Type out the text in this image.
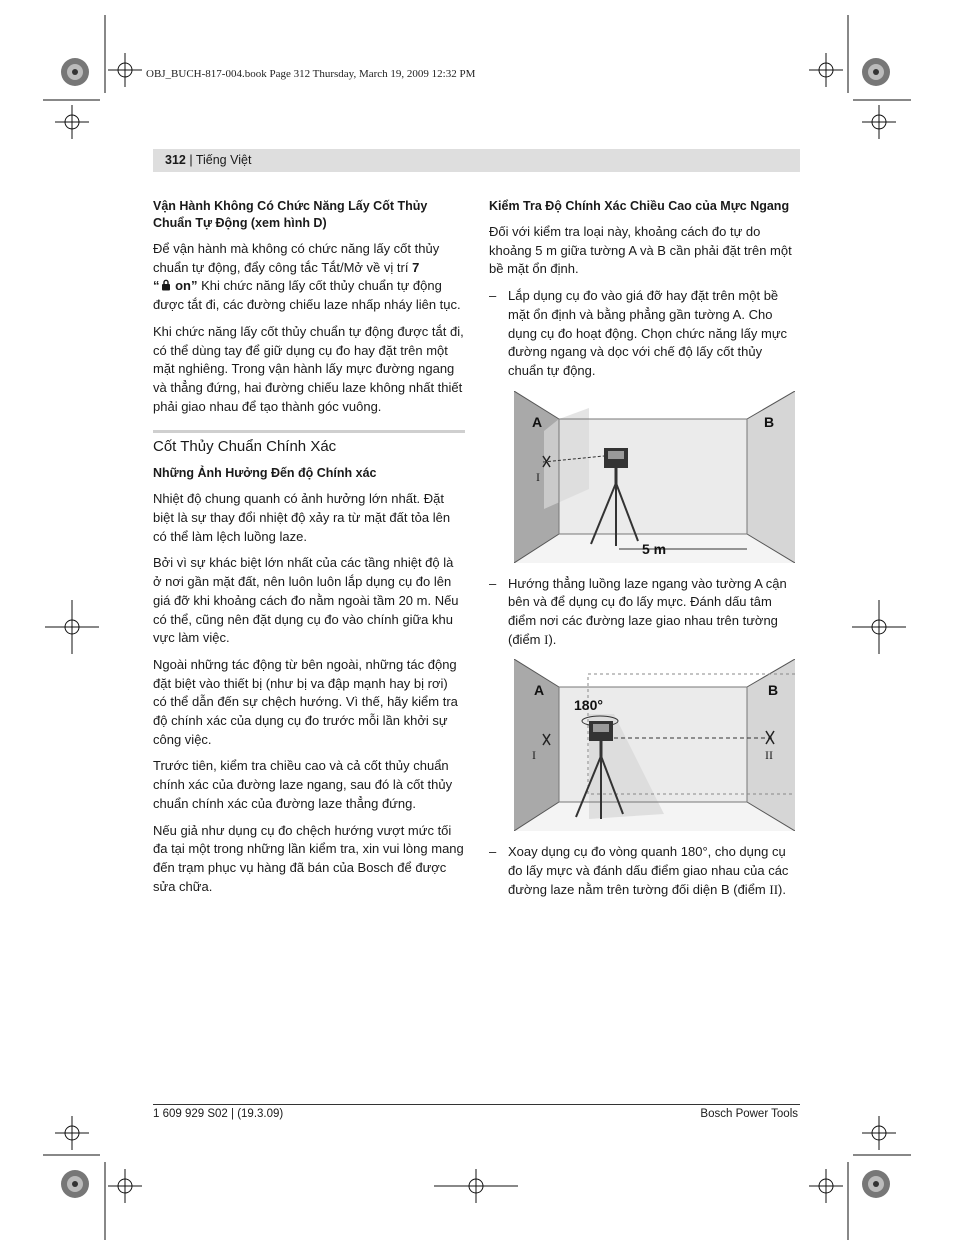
OBJ_BUCH-817-004.book Page 312 Thursday, March 19, 2009 12:32 PM
312 | Tiếng Việt
Vận Hành Không Có Chức Năng Lấy Cốt Thủy Chuẩn Tự Động (xem hình D)
Để vận hành mà không có chức năng lấy cốt thủy chuẩn tự động, đẩy công tắc Tắt/Mở về vị trí 7
“ on” Khi chức năng lấy cốt thủy chuẩn tự động được tắt đi, các đường chiếu laze nhấp nháy liên tục.
Khi chức năng lấy cốt thủy chuẩn tự động được tắt đi, có thể dùng tay để giữ dụng cụ đo hay đặt trên một mặt nghiêng. Trong vận hành lấy mực đường ngang và thẳng đứng, hai đường chiếu laze không nhất thiết phải giao nhau để tạo thành góc vuông.
Cốt Thủy Chuẩn Chính Xác
Những Ảnh Hưởng Đến độ Chính xác
Nhiệt độ chung quanh có ảnh hưởng lớn nhất. Đặt biệt là sự thay đổi nhiệt độ xảy ra từ mặt đất tỏa lên có thể làm lệch luồng laze.
Bởi vì sự khác biệt lớn nhất của các tầng nhiệt độ là ở nơi gần mặt đất, nên luôn luôn lắp dụng cụ đo lên giá đỡ khi khoảng cách đo nằm ngoài tầm 20 m. Nếu có thể, cũng nên đặt dụng cụ đo vào chính giữa khu vực làm việc.
Ngoài những tác động từ bên ngoài, những tác động đặt biệt vào thiết bị (như bị va đập mạnh hay bị rơi) có thể dẫn đến sự chệch hướng. Vì thế, hãy kiểm tra độ chính xác của dụng cụ đo trước mỗi lần khởi sự công việc.
Trước tiên, kiểm tra chiều cao và cả cốt thủy chuẩn chính xác của đường laze ngang, sau đó là cốt thủy chuẩn chính xác của đường laze thẳng đứng.
Nếu giả như dụng cụ đo chệch hướng vượt mức tối đa tại một trong những lần kiểm tra, xin vui lòng mang đến trạm phục vụ hàng đã bán của Bosch để được sửa chữa.
Kiểm Tra Độ Chính Xác Chiều Cao của Mực Ngang
Đối với kiểm tra loại này, khoảng cách đo tự do khoảng 5 m giữa tường A và B cần phải đặt trên một bề mặt ổn định.
– Lắp dụng cụ đo vào giá đỡ hay đặt trên một bề mặt ổn định và bằng phẳng gần tường A. Cho dụng cụ đo hoạt động. Chọn chức năng lấy mực đường ngang và dọc với chế độ lấy cốt thủy chuẩn tự động.
A	B
5 m
I
– Hướng thẳng luồng laze ngang vào tường A cận bên và để dụng cụ đo lấy mực. Đánh dấu tâm điểm nơi các đường laze giao nhau trên tường (điểm I).
A	B
180°
I	II
– Xoay dụng cụ đo vòng quanh 180°, cho dụng cụ đo lấy mực và đánh dấu điểm giao nhau của các đường laze nằm trên tường đối diện B (điểm II).
1 609 929 S02 | (19.3.09)	Bosch Power Tools
